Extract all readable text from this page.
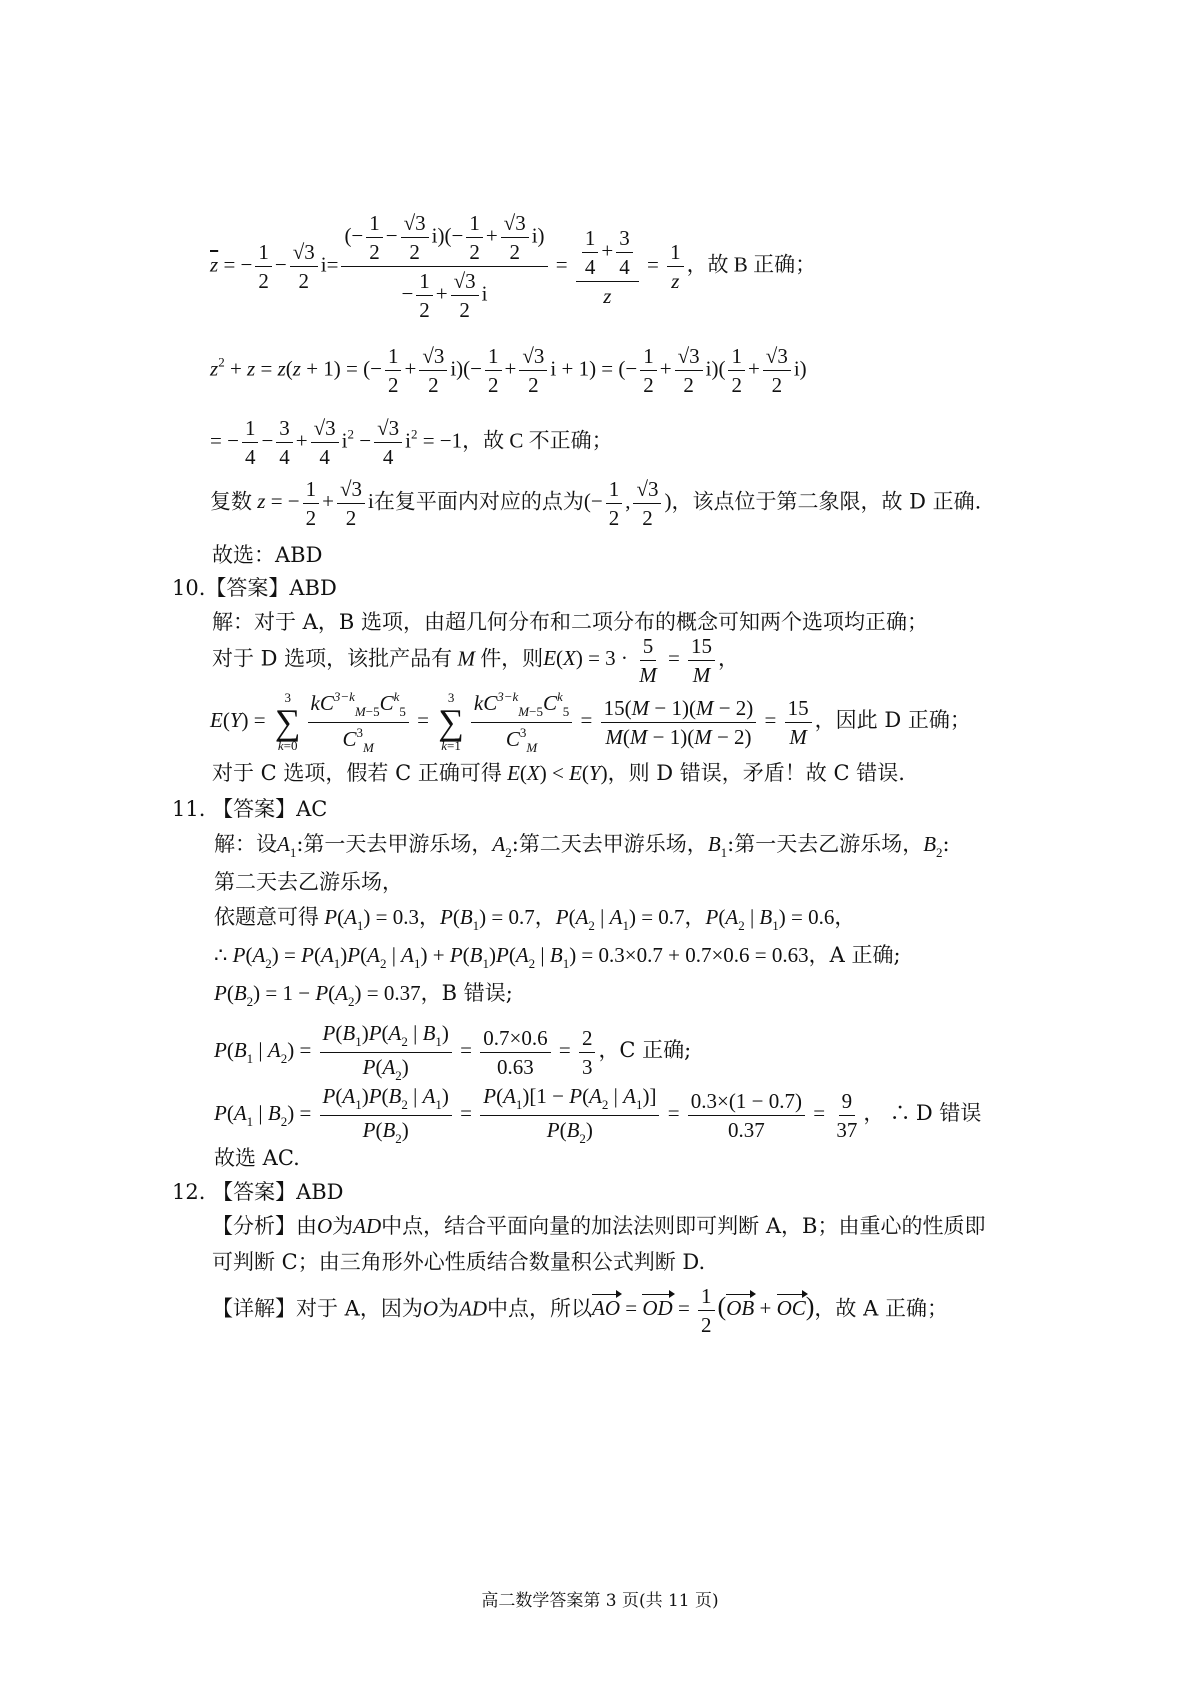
$\overline{z}$ = − $\frac{1}{2} - \frac{√3}{2} i= \frac{(- \frac{1}{2} - \frac{√3}{2} i)(- \frac{1}{2} + \frac{√3}{2} i)}{- \frac{1}{2} + \frac{√3}{2} i} = \frac{\frac{1}{4} + \frac{3}{4}}{z} = \frac{1}{z}$ ，故 B 正确；
$z^2 + z = z(z + 1)$ = (− $\frac{1}{2} + \frac{√3}{2} i)(- \frac{1}{2} + \frac{√3}{2}$ i + 1) = (− $\frac{1}{2} + \frac{√3}{2} i)( \frac{1}{2} + \frac{√3}{2} i)$
= − $\frac{1}{4} - \frac{3}{4} + \frac{√3}{4} i^2 - \frac{√3}{4} i^2 = -1$，故 C 不正确；
复数 z = − $\frac{1}{2} + \frac{√3}{2}$ i在复平面内对应的点为(− $\frac{1}{2}$ , $\frac{√3}{2}$ )，该点位于第二象限，故 D 正确.
故选：ABD
10.【答案】ABD
解：对于 A，B 选项，由超几何分布和二项分布的概念可知两个选项均正确；
对于 D 选项，该批产品有 M 件，则$E(X) = 3 \cdot \frac{5}{M} = \frac{15}{M}$ ，
E(Y) =
3
∑
$k=0 \frac{kC^{3-k}_{M-5}C^k_5}{C^3_M}$ =
3
∑
$k=1 \frac{kC^{3-k}_{M-5}C^k_5}{C^3_M} = \frac{15(M - 1)(M - 2)}{M(M - 1)(M - 2)} = \frac{15}{M}$ ，因此 D 正确；
对于 C 选项，假若 C 正确可得 E(X) < E(Y)，则 D 错误，矛盾！故 C 错误.
11. 【答案】AC
解：设$A_1$:第一天去甲游乐场，$A_2$:第二天去甲游乐场，$B_1$:第一天去乙游乐场，$B_2$:
第二天去乙游乐场，
依题意可得 $P(A_1) = 0.3$，$P(B_1) = 0.7$，$P(A_2$ | $A_1) = 0.7$，$P(A_2$ | $B_1) = 0.6$，
∴ $P(A_2) = P(A_1)P(A_2$ | $A_1) + P(B_1)P(A_2$ | $B_1) = 0.3\times 0.7 + 0.7\times 0.6 = 0.63$，A 正确;
$P(B_2) = 1 - P(A_2) = 0.37$，B 错误;
$P(B_1$ | $A_2) = \frac{P(B_1)P(A_2 | B_1)}{P(A_2)} = \frac{0.7\times 0.6}{0.63} = \frac{2}{3}$ ，C 正确;
$P(A_1$ | $B_2) = \frac{P(A_1)P(B_2 | A_1)}{P(B_2)} = \frac{P(A_1)[1 - P(A_2 | A_1)]}{P(B_2)} = \frac{0.3\times(1 - 0.7)}{0.37} = \frac{9}{37}$ ， ∴ D 错误
故选 AC.
12. 【答案】ABD
【分析】由O为AD中点，结合平面向量的加法法则即可判断 A，B；由重心的性质即
可判断 C；由三角形外心性质结合数量积公式判断 D.
【详解】对于 A，因为O为AD中点，所以AO = OD = $\frac{1}{2} (OB + OC)$，故 A 正确；
高二数学答案第 3 页(共 11 页)
